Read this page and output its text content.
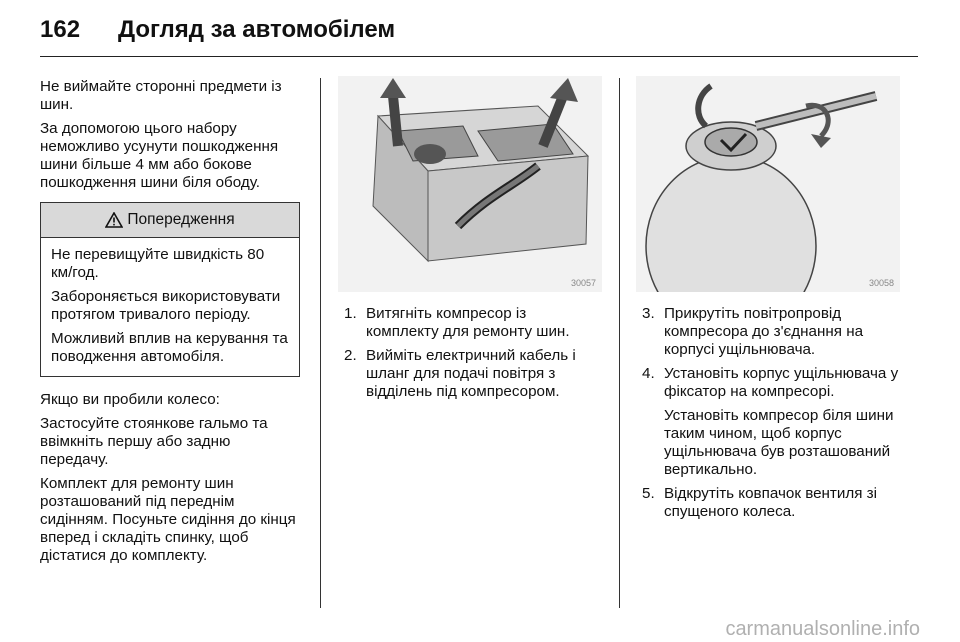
162 Догляд за автомобілем

Не виймайте сторонні предмети із шин.

За допомогою цього набору неможливо усунути пошкодження шини більше 4 мм або бокове пошкодження шини біля ободу.

Попередження

Не перевищуйте швидкість 80 км/год.

Забороняється використовувати протягом тривалого періоду.

Можливий вплив на керування та поводження автомобіля.

Якщо ви пробили колесо:

Застосуйте стоянкове гальмо та ввімкніть першу або задню передачу.

Комплект для ремонту шин розташований під переднім сидінням. Посуньте сидіння до кінця вперед і складіть спинку, щоб дістатися до комплекту.

30057	30058
1. Витягніть компресор із комплекту для ремонту шин.
2. Вийміть електричний кабель і шланг для подачі повітря з відділень під компресором.
3. Прикрутіть повітропровід компресора до з'єднання на корпусі ущільнювача.
4. Установіть корпус ущільнювача у фіксатор на компресорі.

Установіть компресор біля шини таким чином, щоб корпус ущільнювача був розташований вертикально.

5. Відкрутіть ковпачок вентиля зі спущеного колеса.
carmanualsonline.info
